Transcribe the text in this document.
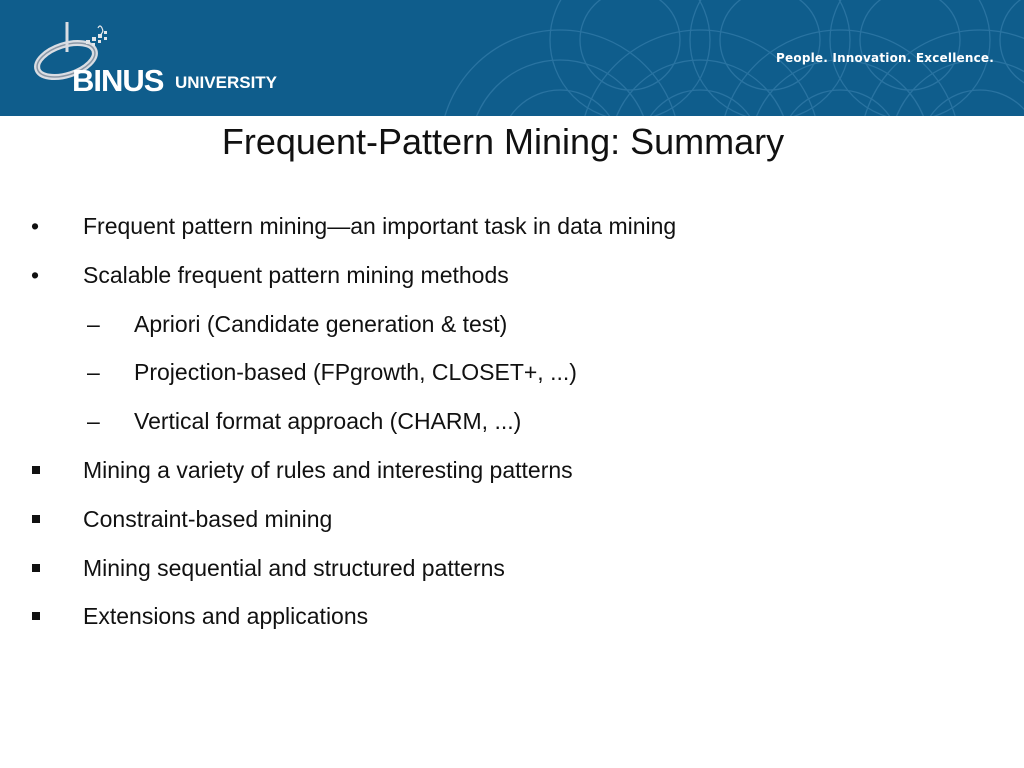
BINUS UNIVERSITY
People. Innovation. Excellence.
Frequent-Pattern Mining: Summary
• Frequent pattern mining—an important task in data mining
• Scalable frequent pattern mining methods
– Apriori (Candidate generation & test)
– Projection-based (FPgrowth, CLOSET+, ...)
– Vertical format approach (CHARM, ...)
Mining a variety of rules and interesting patterns
Constraint-based mining
Mining sequential and structured patterns
Extensions and applications
